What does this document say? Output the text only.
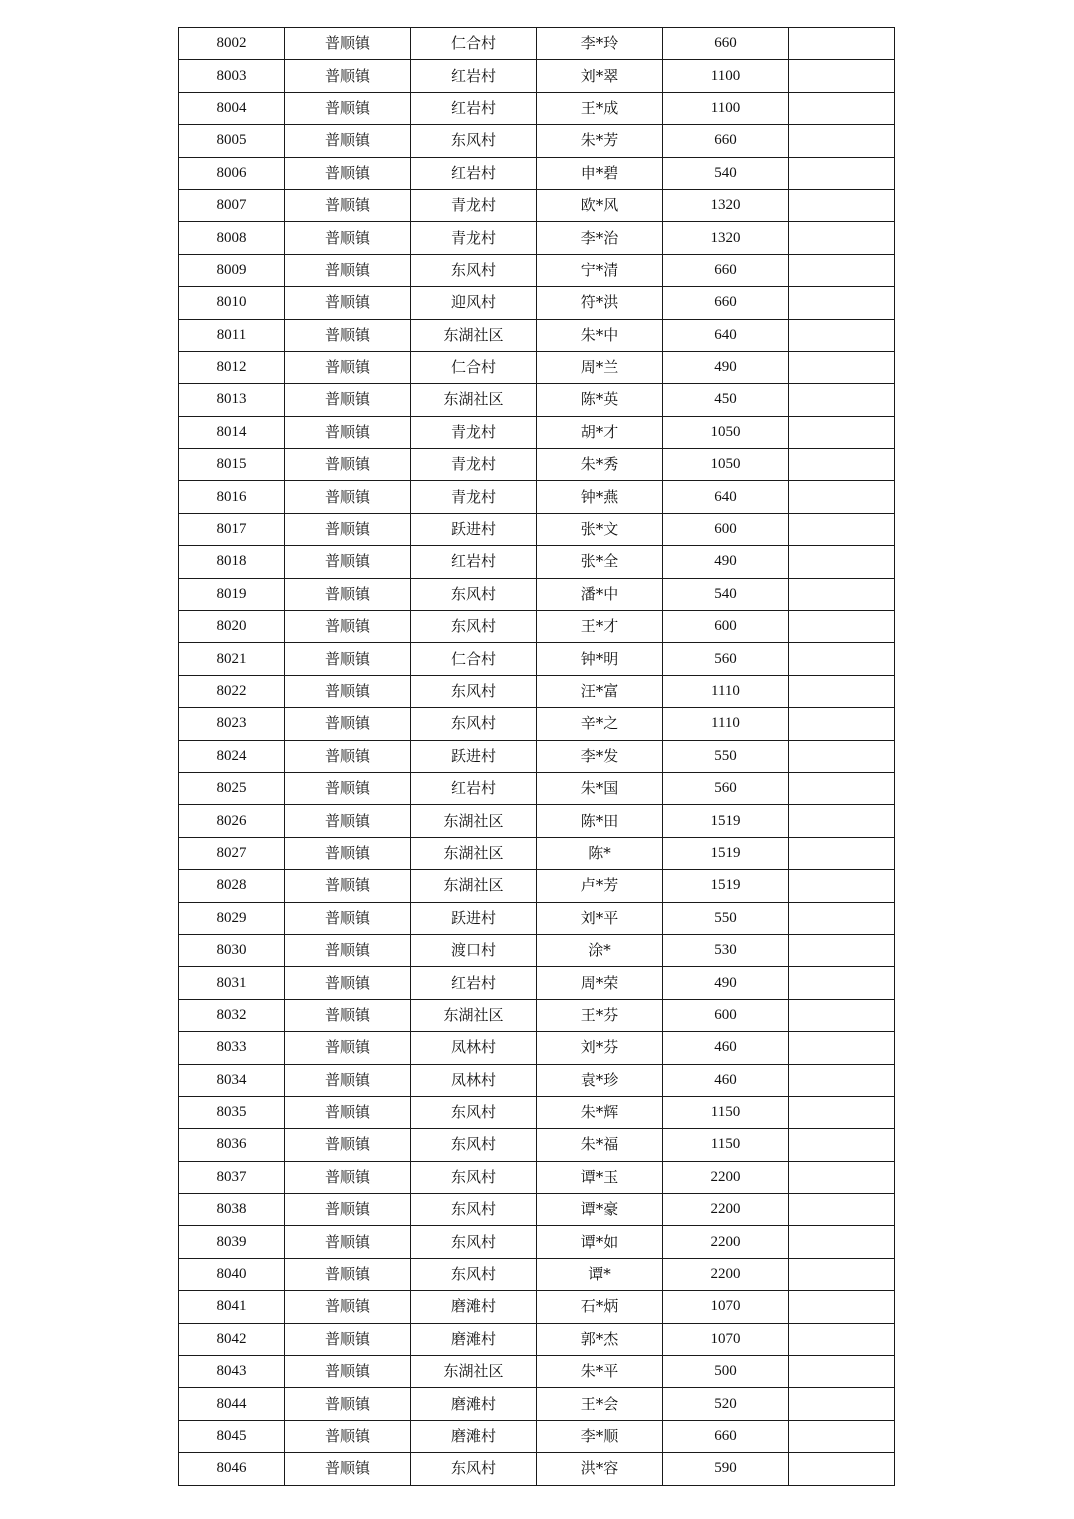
8002	普顺镇	仁合村	李*玲	660	
8003	普顺镇	红岩村	刘*翠	1100	
8004	普顺镇	红岩村	王*成	1100	
8005	普顺镇	东风村	朱*芳	660	
8006	普顺镇	红岩村	申*碧	540	
8007	普顺镇	青龙村	欧*风	1320	
8008	普顺镇	青龙村	李*治	1320	
8009	普顺镇	东风村	宁*清	660	
8010	普顺镇	迎风村	符*洪	660	
8011	普顺镇	东湖社区	朱*中	640	
8012	普顺镇	仁合村	周*兰	490	
8013	普顺镇	东湖社区	陈*英	450	
8014	普顺镇	青龙村	胡*才	1050	
8015	普顺镇	青龙村	朱*秀	1050	
8016	普顺镇	青龙村	钟*燕	640	
8017	普顺镇	跃进村	张*文	600	
8018	普顺镇	红岩村	张*全	490	
8019	普顺镇	东风村	潘*中	540	
8020	普顺镇	东风村	王*才	600	
8021	普顺镇	仁合村	钟*明	560	
8022	普顺镇	东风村	汪*富	1110	
8023	普顺镇	东风村	辛*之	1110	
8024	普顺镇	跃进村	李*发	550	
8025	普顺镇	红岩村	朱*国	560	
8026	普顺镇	东湖社区	陈*田	1519	
8027	普顺镇	东湖社区	陈*	1519	
8028	普顺镇	东湖社区	卢*芳	1519	
8029	普顺镇	跃进村	刘*平	550	
8030	普顺镇	渡口村	涂*	530	
8031	普顺镇	红岩村	周*荣	490	
8032	普顺镇	东湖社区	王*芬	600	
8033	普顺镇	凤林村	刘*芬	460	
8034	普顺镇	凤林村	袁*珍	460	
8035	普顺镇	东风村	朱*辉	1150	
8036	普顺镇	东风村	朱*福	1150	
8037	普顺镇	东风村	谭*玉	2200	
8038	普顺镇	东风村	谭*豪	2200	
8039	普顺镇	东风村	谭*如	2200	
8040	普顺镇	东风村	谭*	2200	
8041	普顺镇	磨滩村	石*炳	1070	
8042	普顺镇	磨滩村	郭*杰	1070	
8043	普顺镇	东湖社区	朱*平	500	
8044	普顺镇	磨滩村	王*会	520	
8045	普顺镇	磨滩村	李*顺	660	
8046	普顺镇	东风村	洪*容	590	
